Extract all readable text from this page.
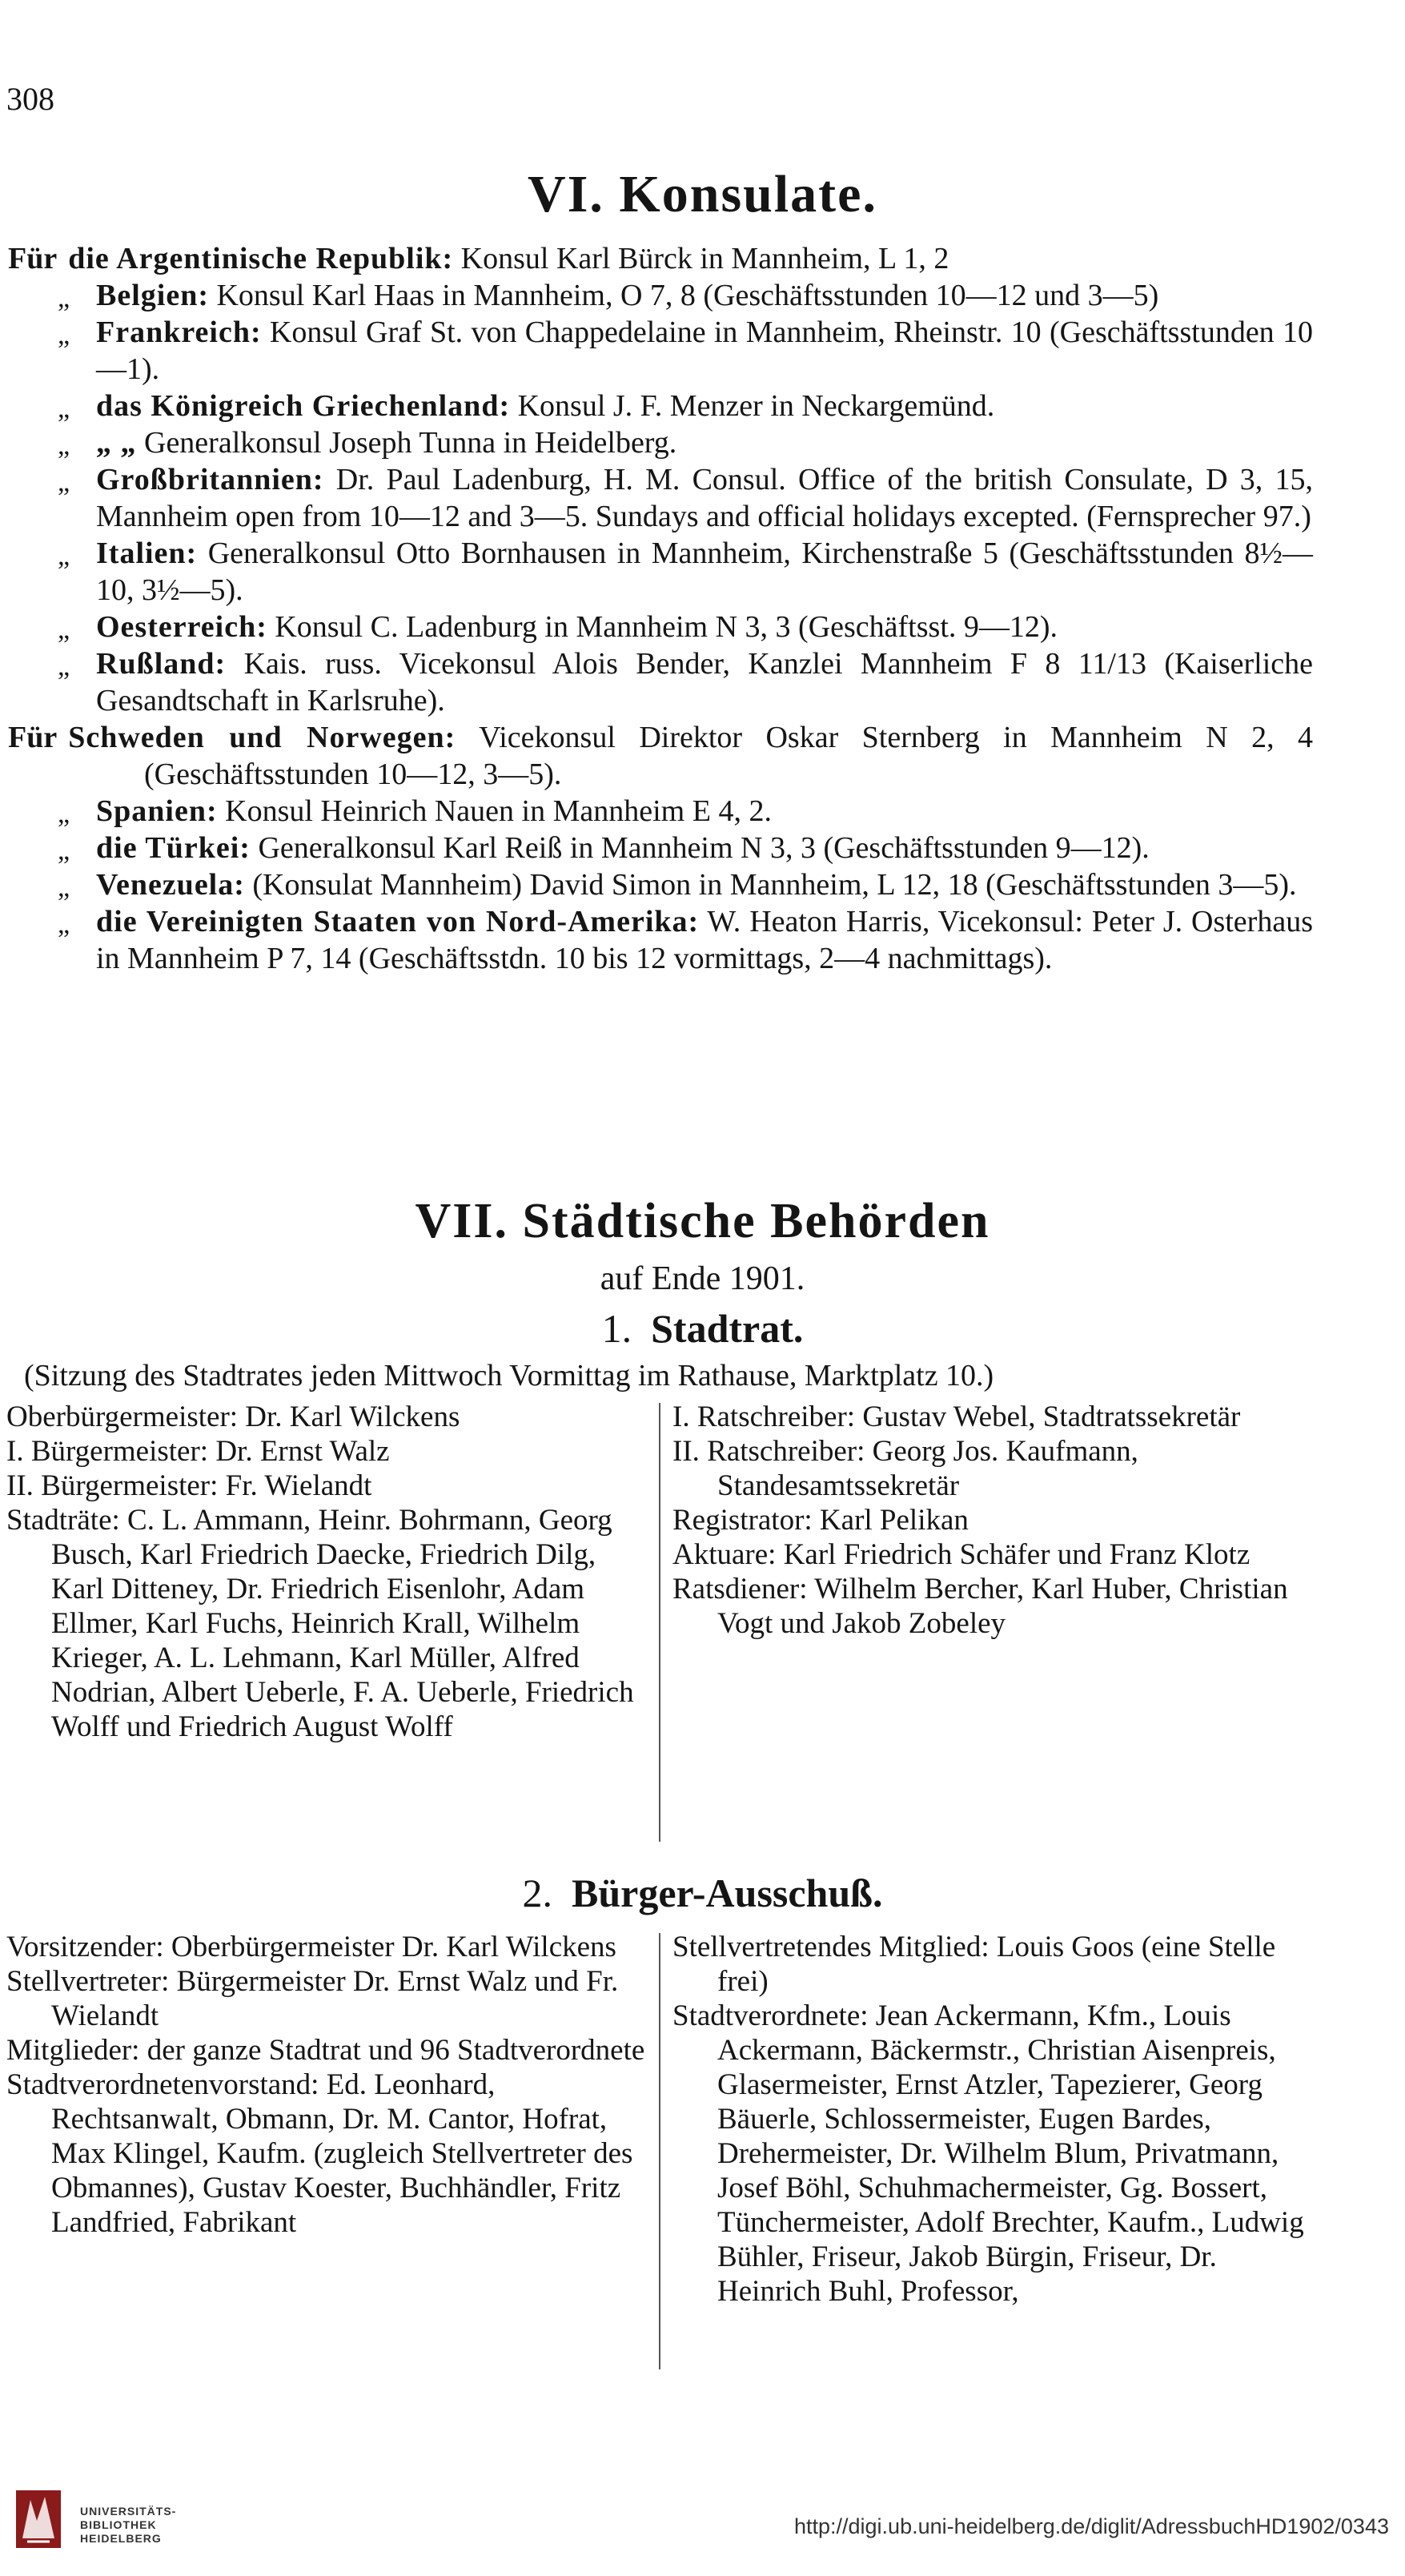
308
VI. Konsulate.
Für die Argentinische Republik: Konsul Karl Bürck in Mannheim, L 1, 2
„ Belgien: Konsul Karl Haas in Mannheim, O 7, 8 (Geschäftsstunden 10—12 und 3—5)
„ Frankreich: Konsul Graf St. von Chappedelaine in Mannheim, Rheinstr. 10 (Geschäftsstunden 10—1).
„ das Königreich Griechenland: Konsul J. F. Menzer in Neckargemünd.
„ „ „ Generalkonsul Joseph Tunna in Heidelberg.
„ Großbritannien: Dr. Paul Ladenburg, H. M. Consul. Office of the british Consulate, D 3, 15, Mannheim open from 10—12 and 3—5. Sundays and official holidays excepted. (Fernsprecher 97.)
„ Italien: Generalkonsul Otto Bornhausen in Mannheim, Kirchenstraße 5 (Geschäftsstunden 8½—10, 3½—5).
„ Oesterreich: Konsul C. Ladenburg in Mannheim N 3, 3 (Geschäftsst. 9—12).
„ Rußland: Kais. russ. Vicekonsul Alois Bender, Kanzlei Mannheim F 8 11/13 (Kaiserliche Gesandtschaft in Karlsruhe).
Für Schweden und Norwegen: Vicekonsul Direktor Oskar Sternberg in Mannheim N 2, 4 (Geschäftsstunden 10—12, 3—5).
„ Spanien: Konsul Heinrich Nauen in Mannheim E 4, 2.
„ die Türkei: Generalkonsul Karl Reiß in Mannheim N 3, 3 (Geschäftsstunden 9—12).
„ Venezuela: (Konsulat Mannheim) David Simon in Mannheim, L 12, 18 (Geschäftsstunden 3—5).
„ die Vereinigten Staaten von Nord-Amerika: W. Heaton Harris, Vicekonsul: Peter J. Osterhaus in Mannheim P 7, 14 (Geschäftsstdn. 10 bis 12 vormittags, 2—4 nachmittags).
VII. Städtische Behörden
auf Ende 1901.
1. Stadtrat.
(Sitzung des Stadtrates jeden Mittwoch Vormittag im Rathause, Marktplatz 10.)

Oberbürgermeister: Dr. Karl Wilckens

I. Bürgermeister: Dr. Ernst Walz

II. Bürgermeister: Fr. Wielandt

Stadträte: C. L. Ammann, Heinr. Bohrmann, Georg Busch, Karl Friedrich Daecke, Friedrich Dilg, Karl Ditteney, Dr. Friedrich Eisenlohr, Adam Ellmer, Karl Fuchs, Heinrich Krall, Wilhelm Krieger, A. L. Lehmann, Karl Müller, Alfred Nodrian, Albert Ueberle, F. A. Ueberle, Friedrich Wolff und Friedrich August Wolff

I. Ratschreiber: Gustav Webel, Stadtratssekretär

II. Ratschreiber: Georg Jos. Kaufmann, Standesamtssekretär

Registrator: Karl Pelikan

Aktuare: Karl Friedrich Schäfer und Franz Klotz

Ratsdiener: Wilhelm Bercher, Karl Huber, Christian Vogt und Jakob Zobeley

2. Bürger-Ausschuß.

Vorsitzender: Oberbürgermeister Dr. Karl Wilckens

Stellvertreter: Bürgermeister Dr. Ernst Walz und Fr. Wielandt

Mitglieder: der ganze Stadtrat und 96 Stadtverordnete

Stadtverordnetenvorstand: Ed. Leonhard, Rechtsanwalt, Obmann, Dr. M. Cantor, Hofrat, Max Klingel, Kaufm. (zugleich Stellvertreter des Obmannes), Gustav Koester, Buchhändler, Fritz Landfried, Fabrikant

Stellvertretendes Mitglied: Louis Goos (eine Stelle frei)

Stadtverordnete: Jean Ackermann, Kfm., Louis Ackermann, Bäckermstr., Christian Aisenpreis, Glasermeister, Ernst Atzler, Tapezierer, Georg Bäuerle, Schlossermeister, Eugen Bardes, Drehermeister, Dr. Wilhelm Blum, Privatmann, Josef Böhl, Schuhmachermeister, Gg. Bossert, Tünchermeister, Adolf Brechter, Kaufm., Ludwig Bühler, Friseur, Jakob Bürgin, Friseur, Dr. Heinrich Buhl, Professor,

UNIVERSITÄTS-
BIBLIOTHEK
HEIDELBERG	http://digi.ub.uni-heidelberg.de/diglit/AdressbuchHD1902/0343
